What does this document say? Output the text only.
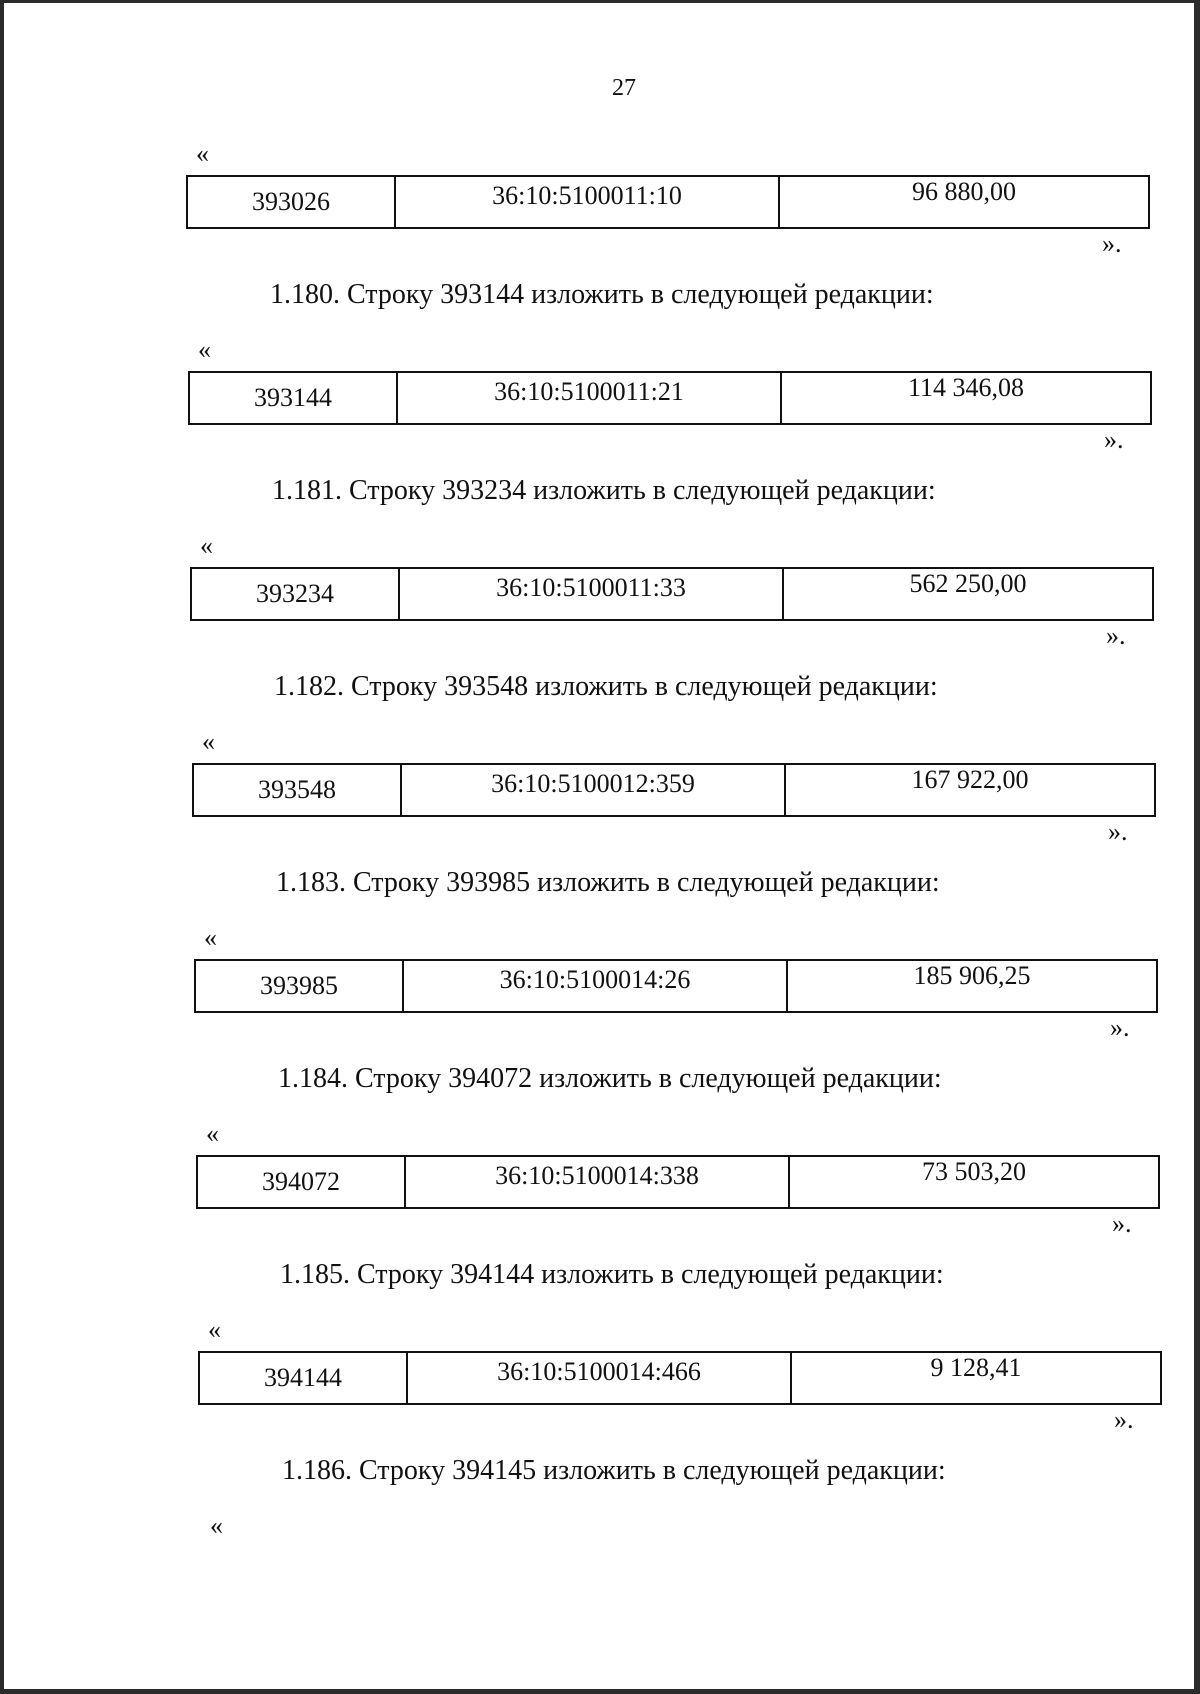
27
«
393026	36:10:5100011:10	96 880,00
».
1.180. Строку 393144 изложить в следующей редакции:
«
393144	36:10:5100011:21	114 346,08
».
1.181. Строку 393234 изложить в следующей редакции:
«
393234	36:10:5100011:33	562 250,00
».
1.182. Строку 393548 изложить в следующей редакции:
«
393548	36:10:5100012:359	167 922,00
».
1.183. Строку 393985 изложить в следующей редакции:
«
393985	36:10:5100014:26	185 906,25
».
1.184. Строку 394072 изложить в следующей редакции:
«
394072	36:10:5100014:338	73 503,20
».
1.185. Строку 394144 изложить в следующей редакции:
«
394144	36:10:5100014:466	9 128,41
».
1.186. Строку 394145 изложить в следующей редакции:
«
